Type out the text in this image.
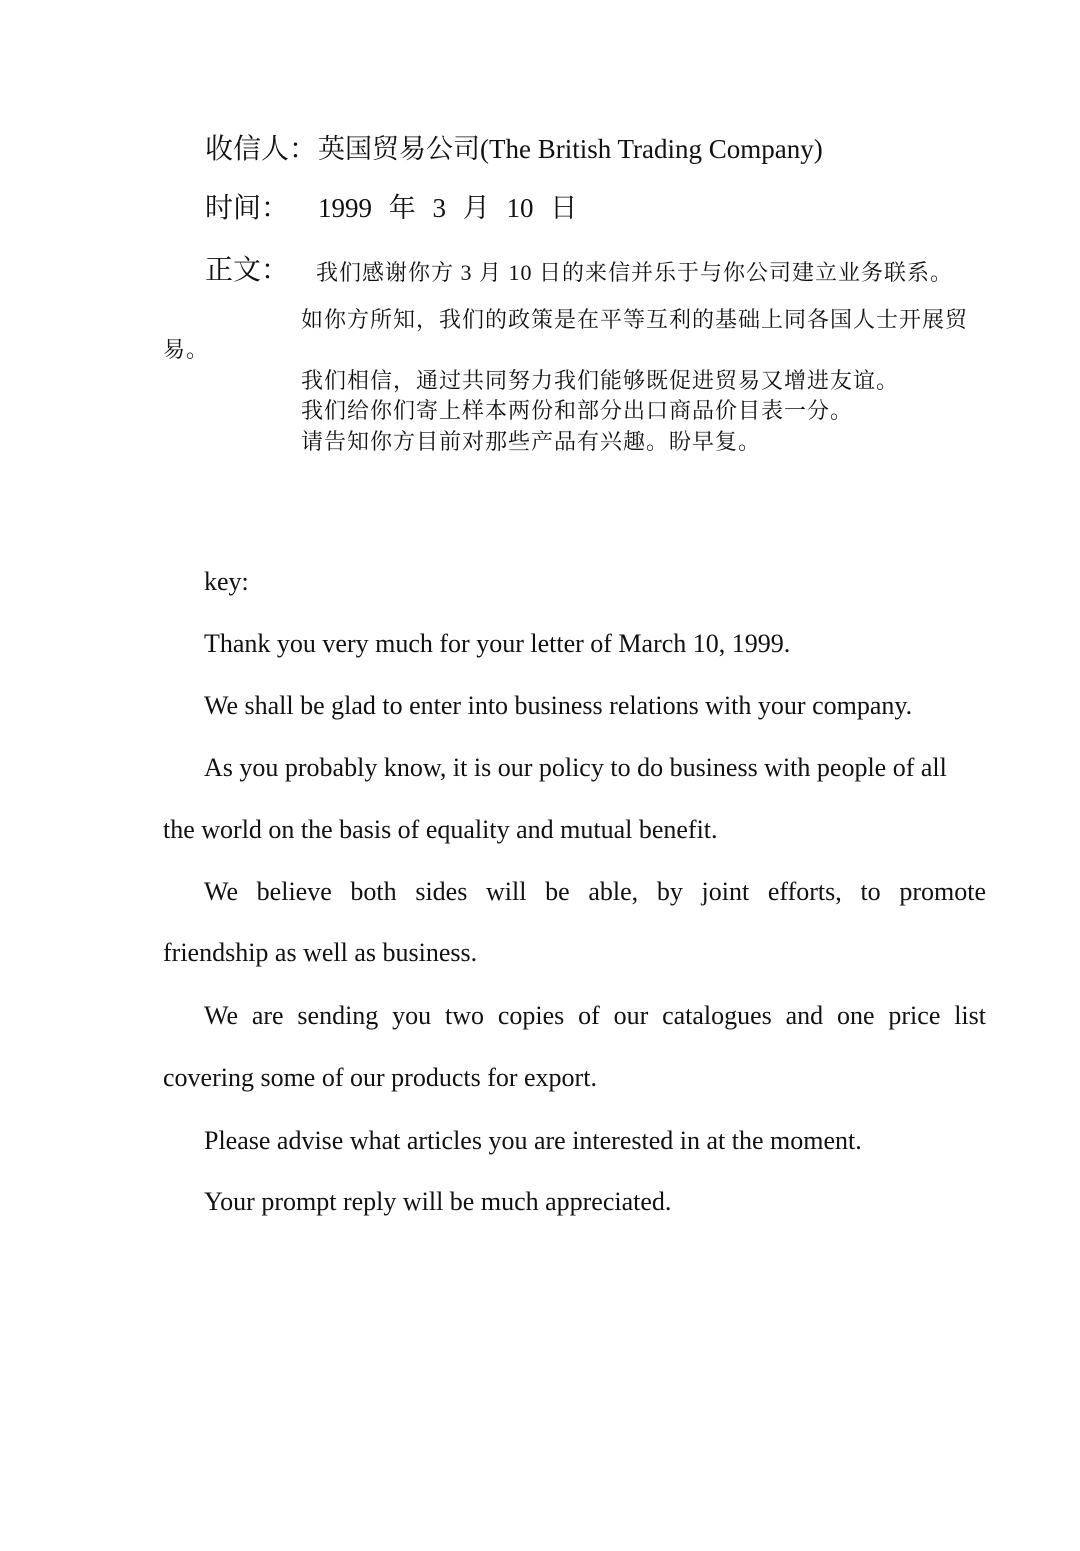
收信人： 英国贸易公司(The British Trading Company)
时间： 1999 年 3 月 10 日
正文： 我们感谢你方 3 月 10 日的来信并乐于与你公司建立业务联系。
如你方所知，我们的政策是在平等互利的基础上同各国人士开展贸
易。
我们相信，通过共同努力我们能够既促进贸易又增进友谊。
我们给你们寄上样本两份和部分出口商品价目表一分。
请告知你方目前对那些产品有兴趣。盼早复。
key:
Thank you very much for your letter of March 10, 1999.
We shall be glad to enter into business relations with your company.
As you probably know, it is our policy to do business with people of all
the world on the basis of equality and mutual benefit.
We believe both sides will be able, by joint efforts, to promote
friendship as well as business.
We are sending you two copies of our catalogues and one price list
covering some of our products for export.
Please advise what articles you are interested in at the moment.
Your prompt reply will be much appreciated.
